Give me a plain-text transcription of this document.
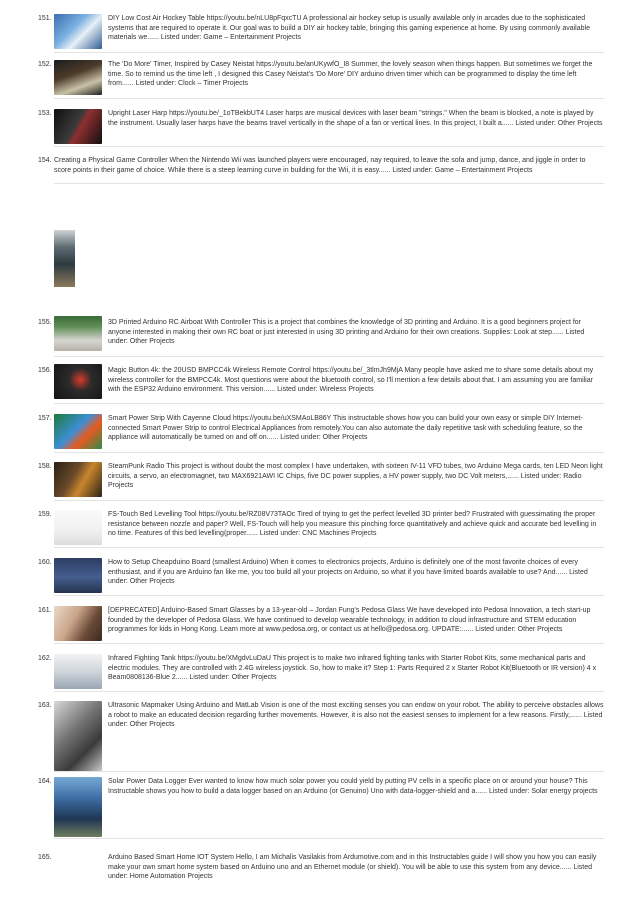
151.	DIY Low Cost Air Hockey Table https://youtu.be/nLU8pFqxcTU A professional air hockey setup is usually available only in arcades due to the sophisticated systems that are required to operate it. Our goal was to build a DIY air hockey table, bringing this gaming experience at home. By using commonly available materials we...... Listed under: Game – Entertainment Projects
152.	The 'Do More' Timer, Inspired by Casey Neistat https://youtu.be/anUKywfO_I8 Summer, the lovely season when things happen. But sometimes we forget the time. So to remind us the time left , I designed this Casey Neistat's 'Do More' DIY arduino driven timer which can be programmed to display the time left from...... Listed under: Clock – Timer Projects
153.	Upright Laser Harp https://youtu.be/_1oTBekbUT4 Laser harps are musical devices with laser beam "strings." When the beam is blocked, a note is played by the instrument. Usually laser harps have the beams travel vertically in the shape of a fan or vertical lines. In this project, I built a...... Listed under: Other Projects
154. Creating a Physical Game Controller When the Nintendo Wii was launched players were encouraged, nay required, to leave the sofa and jump, dance, and jiggle in order to score points in their game of choice. While there is a steep learning curve in building for the Wii, it is easy...... Listed under: Game – Entertainment Projects
155.	3D Printed Arduino RC Airboat With Controller This is a project that combines the knowledge of 3D printing and Arduino. It is a good beginners project for anyone interested in making their own RC boat or just interested in using 3D printing and Arduino for their own creations. Supplies: Look at step...... Listed under: Other Projects
156.	Magic Button 4k: the 20USD BMPCC4k Wireless Remote Control https://youtu.be/_3tlmJh9MjA Many people have asked me to share some details about my wireless controller for the BMPCC4k. Most questions were about the bluetooth control, so I'll mention a few details about that. I am assuming you are familiar with the ESP32 Arduino environment. This version...... Listed under: Wireless Projects
157.	Smart Power Strip With Cayenne Cloud https://youtu.be/uXSMAoLB86Y This instructable shows how you can build your own easy or simple DIY Internet-connected Smart Power Strip to control Electrical Appliances from remotely.You can also automate the daily repetitive task with scheduling feature, so the appliance will automatically be turned on and off on...... Listed under: Other Projects
158.	SteamPunk Radio This project is without doubt the most complex I have undertaken, with sixteen IV-11 VFD tubes, two Arduino Mega cards, ten LED Neon light circuits, a servo, an electromagnet, two MAX6921AWI IC Chips, five DC power supplies, a HV power supply, two DC Volt meters,...... Listed under: Radio Projects
159.	FS-Touch Bed Levelling Tool https://youtu.be/RZ08V73TAOc Tired of trying to get the perfect levelled 3D printer bed? Frustrated with guessimating the proper resistance between nozzle and paper? Well, FS-Touch will help you measure this pinching force quantitatively and achieve quick and accurate bed levelling in no time. Features of this bed levelling(proper...... Listed under: CNC Machines Projects
160.	How to Setup Cheapduino Board (smallest Arduino) When it comes to electronics projects, Arduino is definitely one of the most favorite choices of every enthusiast, and if you are Arduino fan like me, you too build all your projects on Arduino, so what if you have limited boards available to use? And...... Listed under: Other Projects
161.	[DEPRECATED] Arduino-Based Smart Glasses by a 13-year-old – Jordan Fung's Pedosa Glass We have developed into Pedosa Innovation, a tech start-up founded by the developer of Pedosa Glass. We have continued to develop wearable technology, in addition to cloud infrastructure and STEM education programmes for kids in Hong Kong. Learn more at www.pedosa.org, or contact us at hello@pedosa.org. UPDATE:...... Listed under: Other Projects
162.	Infrared Fighting Tank https://youtu.be/XMgdvLuDaU This project is to make two infrared fighting tanks with Starter Robot Kits, some mechanical parts and electric modules. They are controlled with 2.4G wireless joystick. So, how to make it? Step 1: Parts Required 2 x Starter Robot Kit(Bluetooth or IR version) 4 x Beam0808136-Blue 2...... Listed under: Other Projects
163.	Ultrasonic Mapmaker Using Arduino and MatLab Vision is one of the most exciting senses you can endow on your robot. The ability to perceive obstacles allows a robot to make an educated decision regarding further movements. However, it is also not the easiest senses to implement for a few reasons. Firstly,...... Listed under: Other Projects
164.	Solar Power Data Logger Ever wanted to know how much solar power you could yield by putting PV cells in a specific place on or around your house? This Instructable shows you how to build a data logger based on an Arduino (or Genuino) Uno with data-logger-shield and a...... Listed under: Solar energy projects
165.	Arduino Based Smart Home IOT System Hello, I am Michalis Vasilakis from Ardumotive.com and in this Instructables guide I will show you how you can easily make your own smart home system based on Arduino uno and an Ethernet module (or shield). You will be able to use this system from any device...... Listed under: Home Automation Projects
